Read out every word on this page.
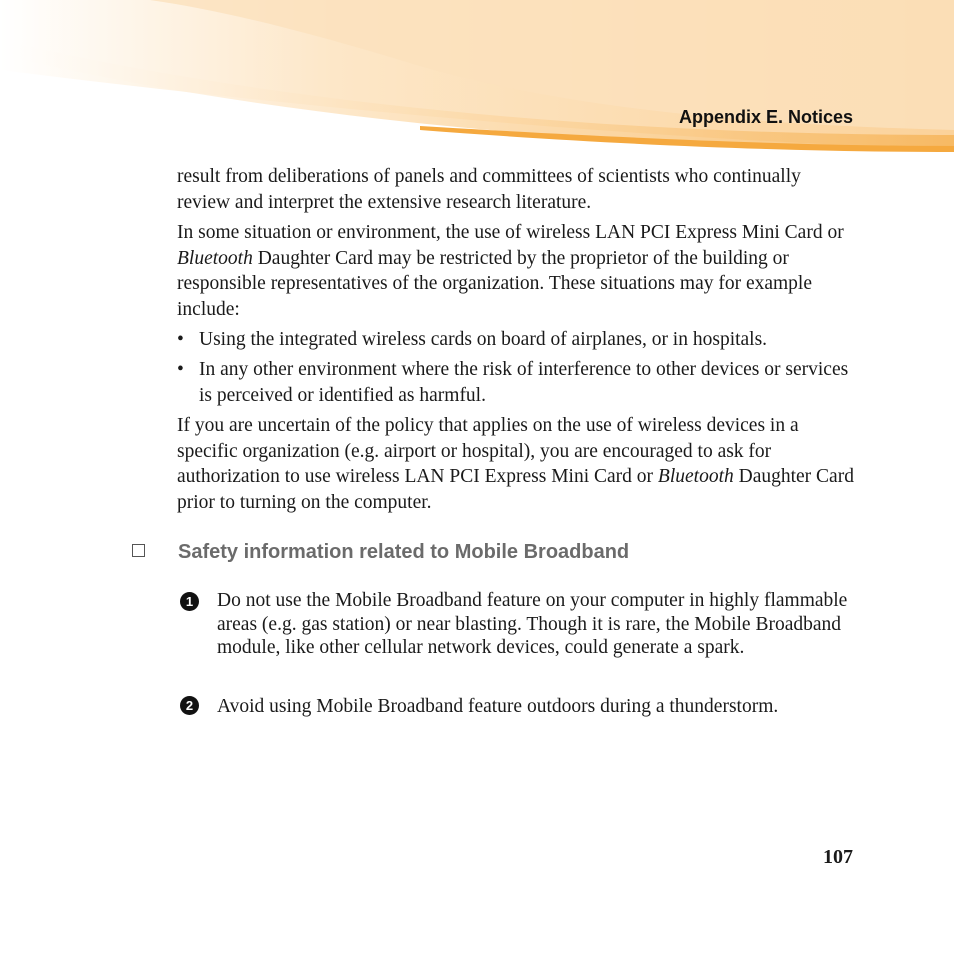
Appendix E. Notices

result from deliberations of panels and committees of scientists who continually review and interpret the extensive research literature.

In some situation or environment, the use of wireless LAN PCI Express Mini Card or Bluetooth Daughter Card may be restricted by the proprietor of the building or responsible representatives of the organization. These situations may for example include:

• Using the integrated wireless cards on board of airplanes, or in hospitals.
• In any other environment where the risk of interference to other devices or services is perceived or identified as harmful.

If you are uncertain of the policy that applies on the use of wireless devices in a specific organization (e.g. airport or hospital), you are encouraged to ask for authorization to use wireless LAN PCI Express Mini Card or Bluetooth Daughter Card prior to turning on the computer.

Safety information related to Mobile Broadband
1	Do not use the Mobile Broadband feature on your computer in highly flammable areas (e.g. gas station) or near blasting. Though it is rare, the Mobile Broadband module, like other cellular network devices, could generate a spark.
2	Avoid using Mobile Broadband feature outdoors during a thunderstorm.
107
